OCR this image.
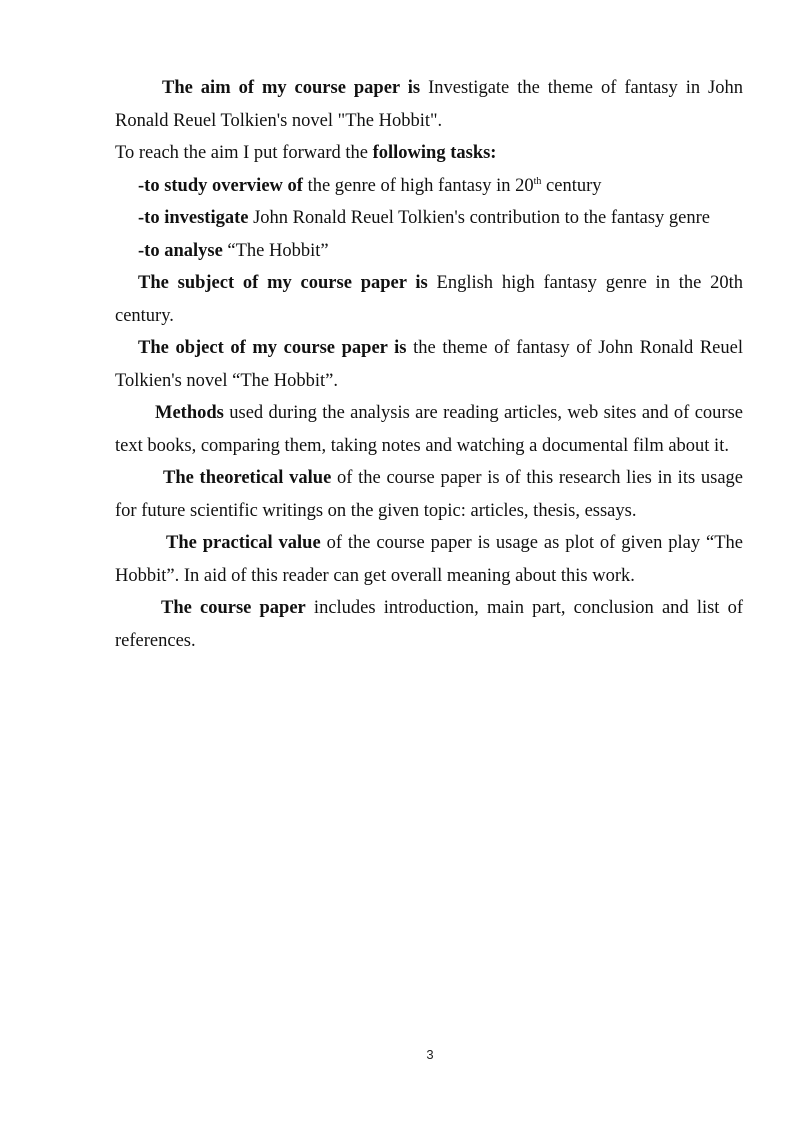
The aim of my course paper is Investigate the theme of fantasy in John Ronald Reuel Tolkien's novel "The Hobbit".

To reach the aim I put forward the following tasks:

-to study overview of the genre of high fantasy in 20th century

-to investigate John Ronald Reuel Tolkien's contribution to the fantasy genre

-to analyse “The Hobbit”

The subject of my course paper is English high fantasy genre in the 20th century.

The object of my course paper is the theme of fantasy of John Ronald Reuel Tolkien's novel “The Hobbit”.

Methods used during the analysis are reading articles, web sites and of course text books, comparing them, taking notes and watching a documental film about it.

The theoretical value of the course paper is of this research lies in its usage for future scientific writings on the given topic: articles, thesis, essays.

The practical value of the course paper is usage as plot of given play “The Hobbit”. In aid of this reader can get overall meaning about this work.

The course paper includes introduction, main part, conclusion and list of references.

3
